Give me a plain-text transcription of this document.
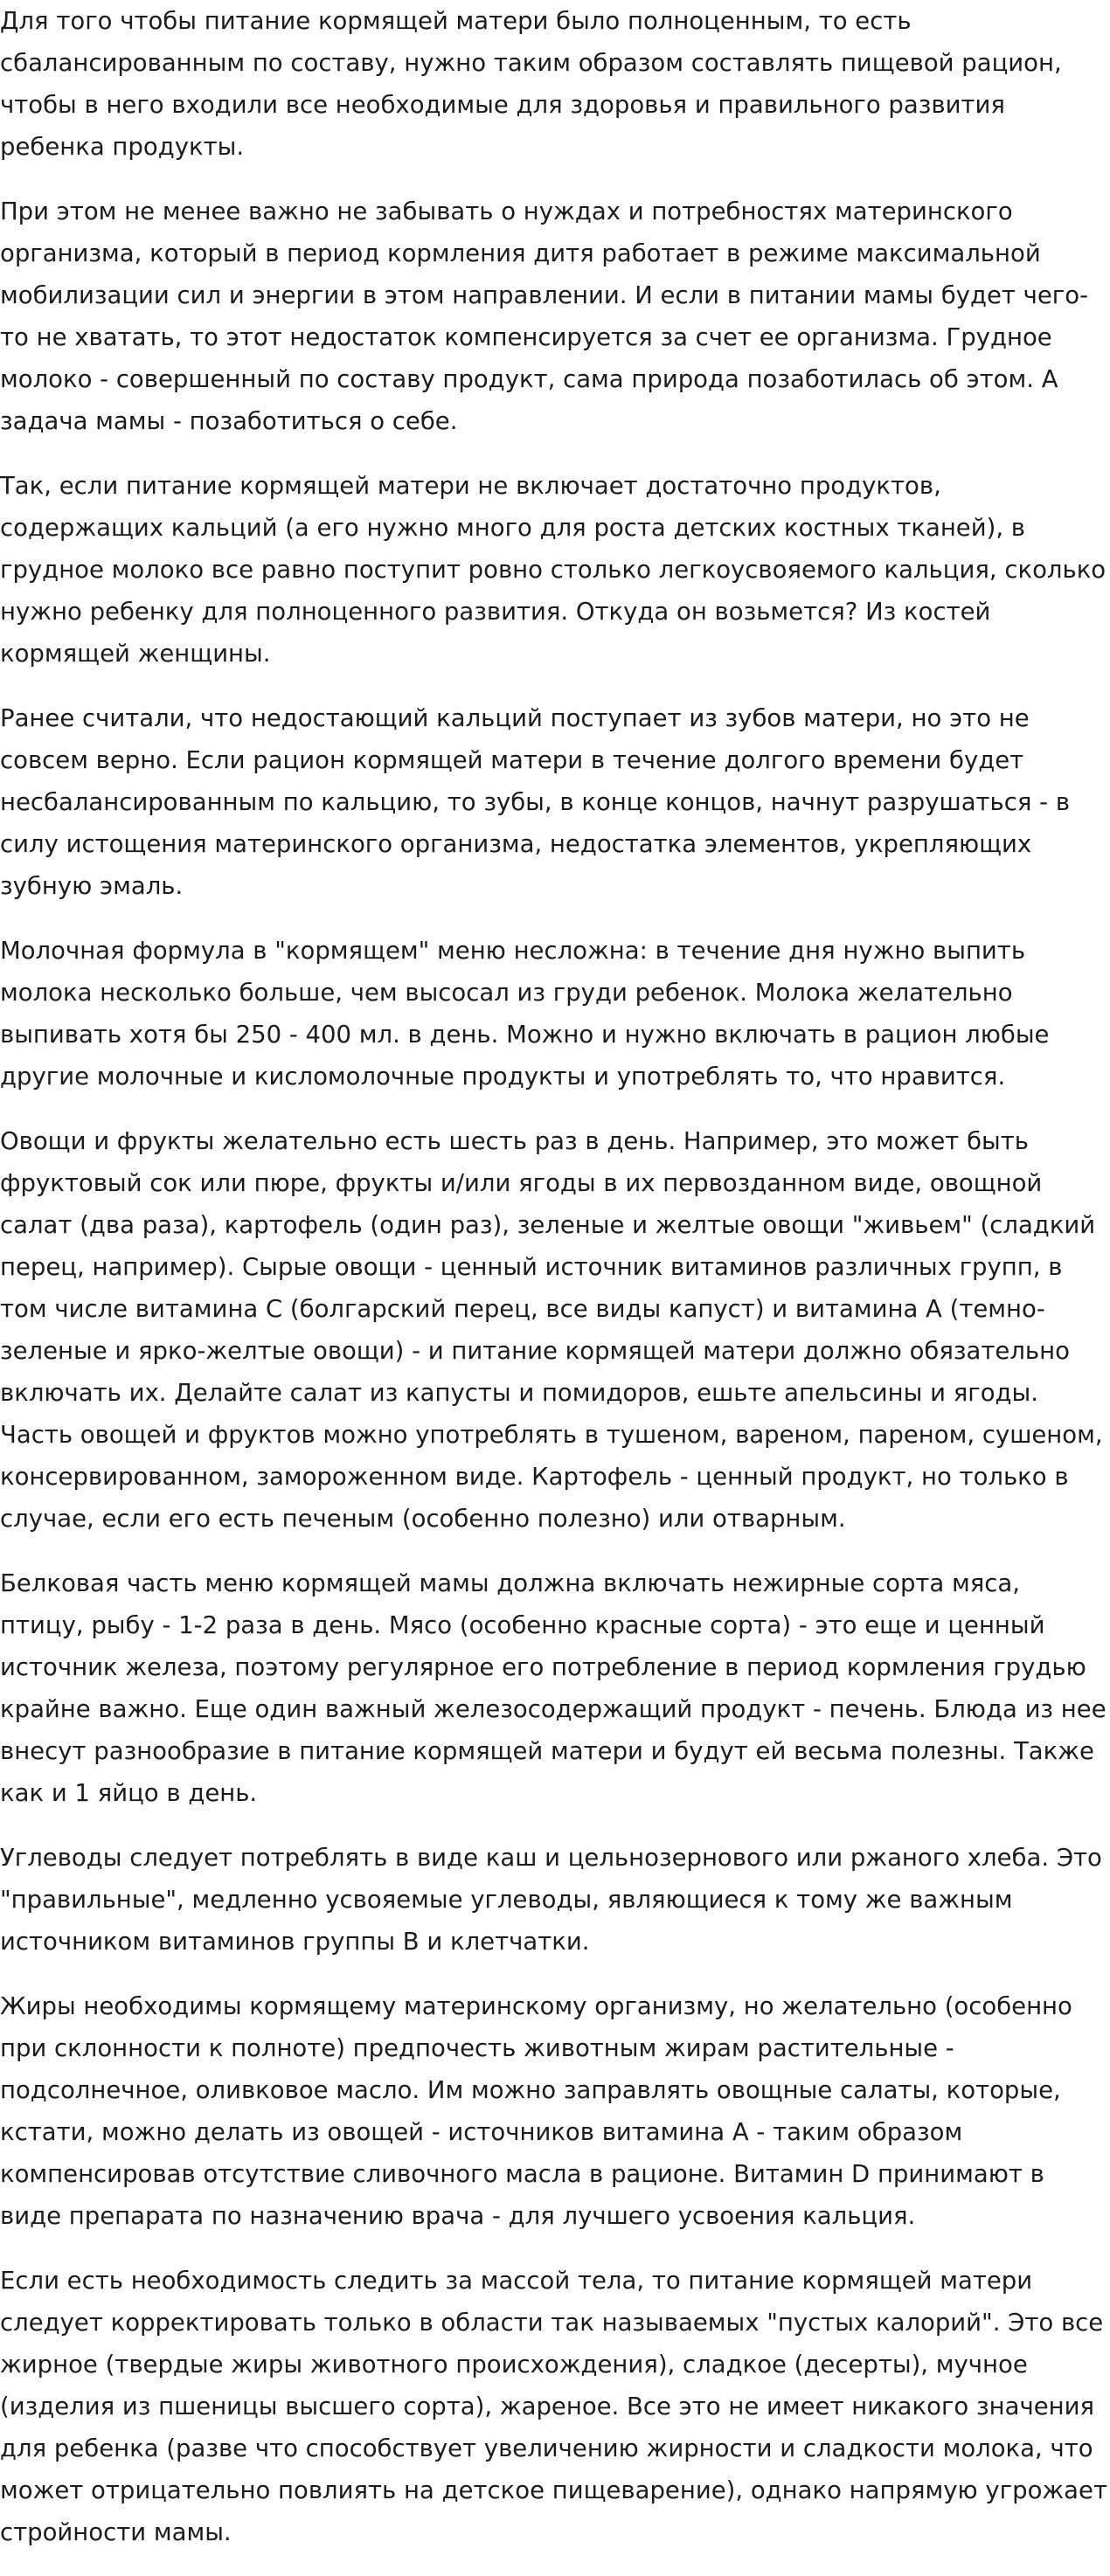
Для того чтобы питание кормящей матери было полноценным, то есть сбалансированным по составу, нужно таким образом составлять пищевой рацион, чтобы в него входили все необходимые для здоровья и правильного развития ребенка продукты.

При этом не менее важно не забывать о нуждах и потребностях материнского организма, который в период кормления дитя работает в режиме максимальной мобилизации сил и энергии в этом направлении. И если в питании мамы будет чего-то не хватать, то этот недостаток компенсируется за счет ее организма. Грудное молоко - совершенный по составу продукт, сама природа позаботилась об этом. А задача мамы - позаботиться о себе.

Так, если питание кормящей матери не включает достаточно продуктов, содержащих кальций (а его нужно много для роста детских костных тканей), в грудное молоко все равно поступит ровно столько легкоусвояемого кальция, сколько нужно ребенку для полноценного развития. Откуда он возьмется? Из костей кормящей женщины.

Ранее считали, что недостающий кальций поступает из зубов матери, но это не совсем верно. Если рацион кормящей матери в течение долгого времени будет несбалансированным по кальцию, то зубы, в конце концов, начнут разрушаться - в силу истощения материнского организма, недостатка элементов, укрепляющих зубную эмаль.

Молочная формула в "кормящем" меню несложна: в течение дня нужно выпить молока несколько больше, чем высосал из груди ребенок. Молока желательно выпивать хотя бы 250 - 400 мл. в день. Можно и нужно включать в рацион любые другие молочные и кисломолочные продукты и употреблять то, что нравится.

Овощи и фрукты желательно есть шесть раз в день. Например, это может быть фруктовый сок или пюре, фрукты и/или ягоды в их первозданном виде, овощной салат (два раза), картофель (один раз), зеленые и желтые овощи "живьем" (сладкий перец, например). Сырые овощи - ценный источник витаминов различных групп, в том числе витамина С (болгарский перец, все виды капуст) и витамина А (темно-зеленые и ярко-желтые овощи) - и питание кормящей матери должно обязательно включать их. Делайте салат из капусты и помидоров, ешьте апельсины и ягоды. Часть овощей и фруктов можно употреблять в тушеном, вареном, пареном, сушеном, консервированном, замороженном виде. Картофель - ценный продукт, но только в случае, если его есть печеным (особенно полезно) или отварным.

Белковая часть меню кормящей мамы должна включать нежирные сорта мяса, птицу, рыбу - 1-2 раза в день. Мясо (особенно красные сорта) - это еще и ценный источник железа, поэтому регулярное его потребление в период кормления грудью крайне важно. Еще один важный железосодержащий продукт - печень. Блюда из нее внесут разнообразие в питание кормящей матери и будут ей весьма полезны. Также как и 1 яйцо в день.

Углеводы следует потреблять в виде каш и цельнозернового или ржаного хлеба. Это "правильные", медленно усвояемые углеводы, являющиеся к тому же важным источником витаминов группы В и клетчатки.

Жиры необходимы кормящему материнскому организму, но желательно (особенно при склонности к полноте) предпочесть животным жирам растительные - подсолнечное, оливковое масло. Им можно заправлять овощные салаты, которые, кстати, можно делать из овощей - источников витамина А - таким образом компенсировав отсутствие сливочного масла в рационе. Витамин D принимают в виде препарата по назначению врача - для лучшего усвоения кальция.

Если есть необходимость следить за массой тела, то питание кормящей матери следует корректировать только в области так называемых "пустых калорий". Это все жирное (твердые жиры животного происхождения), сладкое (десерты), мучное (изделия из пшеницы высшего сорта), жареное. Все это не имеет никакого значения для ребенка (разве что способствует увеличению жирности и сладкости молока, что может отрицательно повлиять на детское пищеварение), однако напрямую угрожает стройности мамы.
